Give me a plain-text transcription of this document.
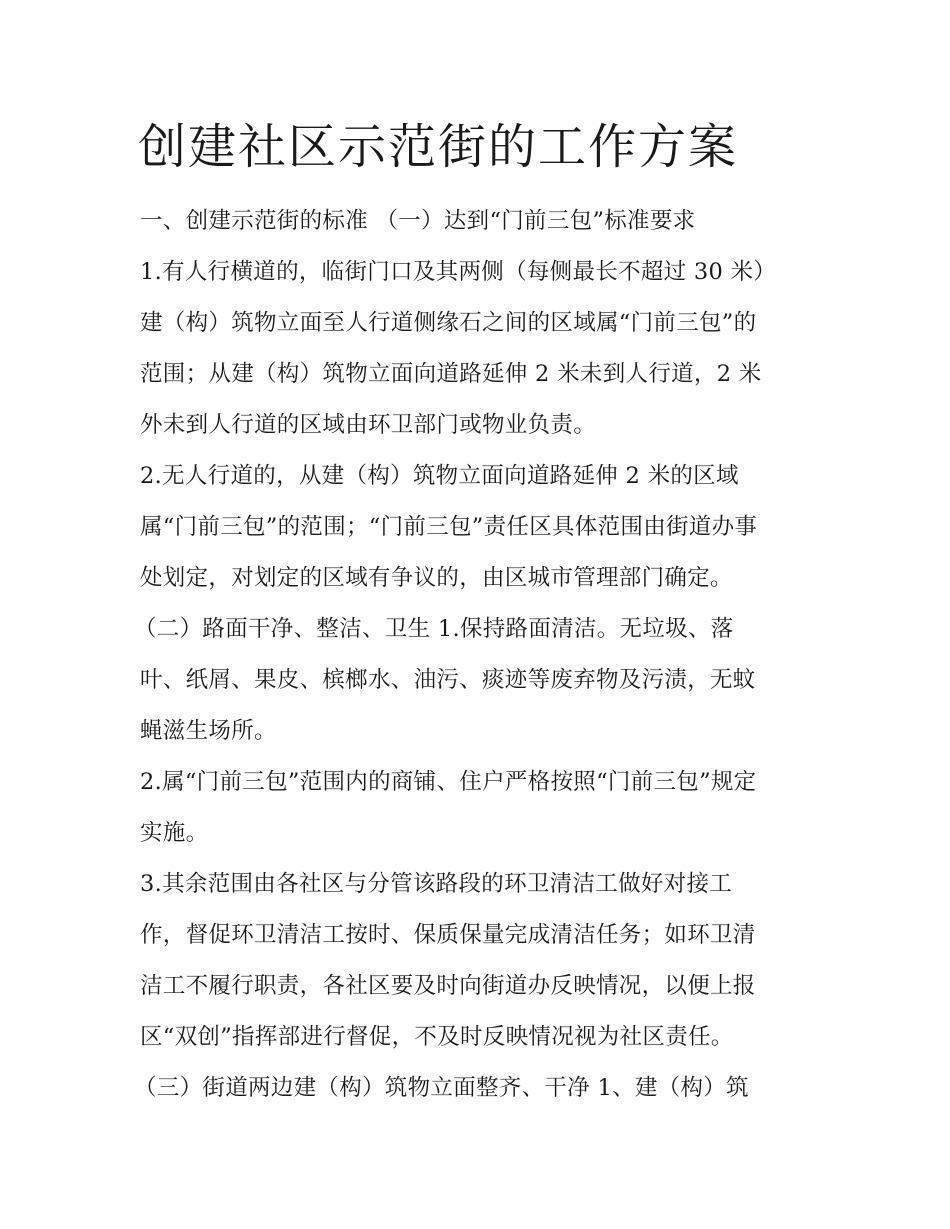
创建社区示范街的工作方案
一、创建示范街的标准 （一）达到“门前三包”标准要求
1.有人行横道的，临街门口及其两侧（每侧最长不超过 30 米）
建（构）筑物立面至人行道侧缘石之间的区域属“门前三包”的
范围；从建（构）筑物立面向道路延伸 2 米未到人行道，2 米
外未到人行道的区域由环卫部门或物业负责。
2.无人行道的，从建（构）筑物立面向道路延伸 2 米的区域
属“门前三包”的范围；“门前三包”责任区具体范围由街道办事
处划定，对划定的区域有争议的，由区城市管理部门确定。
（二）路面干净、整洁、卫生 1.保持路面清洁。无垃圾、落
叶、纸屑、果皮、槟榔水、油污、痰迹等废弃物及污渍，无蚊
蝇滋生场所。
2.属“门前三包”范围内的商铺、住户严格按照“门前三包”规定
实施。
3.其余范围由各社区与分管该路段的环卫清洁工做好对接工
作，督促环卫清洁工按时、保质保量完成清洁任务；如环卫清
洁工不履行职责，各社区要及时向街道办反映情况，以便上报
区“双创”指挥部进行督促，不及时反映情况视为社区责任。
（三）街道两边建（构）筑物立面整齐、干净 1、建（构）筑
